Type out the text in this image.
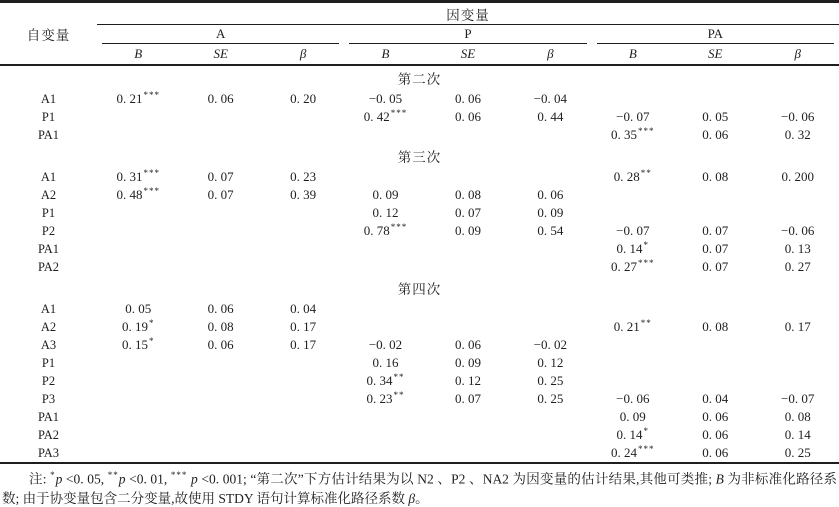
自变量	因变量								

	A			P			PA		

	B	SE	β	B	SE	β	B	SE	β
第二次									
A1	0. 21***	0. 06	0. 20	−0. 05	0. 06	−0. 04			
P1				0. 42***	0. 06	0. 44	−0. 07	0. 05	−0. 06
PA1							0. 35***	0. 06	0. 32
第三次									
A1	0. 31***	0. 07	0. 23				0. 28**	0. 08	0. 200
A2	0. 48***	0. 07	0. 39	0. 09	0. 08	0. 06			
P1				0. 12	0. 07	0. 09			
P2				0. 78***	0. 09	0. 54	−0. 07	0. 07	−0. 06
PA1							0. 14*	0. 07	0. 13
PA2							0. 27***	0. 07	0. 27
第四次									
A1	0. 05	0. 06	0. 04						
A2	0. 19*	0. 08	0. 17				0. 21**	0. 08	0. 17
A3	0. 15*	0. 06	0. 17	−0. 02	0. 06	−0. 02			
P1				0. 16	0. 09	0. 12			
P2				0. 34**	0. 12	0. 25			
P3				0. 23**	0. 07	0. 25	−0. 06	0. 04	−0. 07
PA1							0. 09	0. 06	0. 08
PA2							0. 14*	0. 06	0. 14
PA3							0. 24***	0. 06	0. 25

注: *p <0. 05, **p <0. 01, *** p <0. 001; “第二次”下方估计结果为以 N2 、P2 、NA2 为因变量的估计结果,其他可类推; B 为非标准化路径系数; 由于协变量包含二分变量,故使用 STDY 语句计算标准化路径系数 β。
